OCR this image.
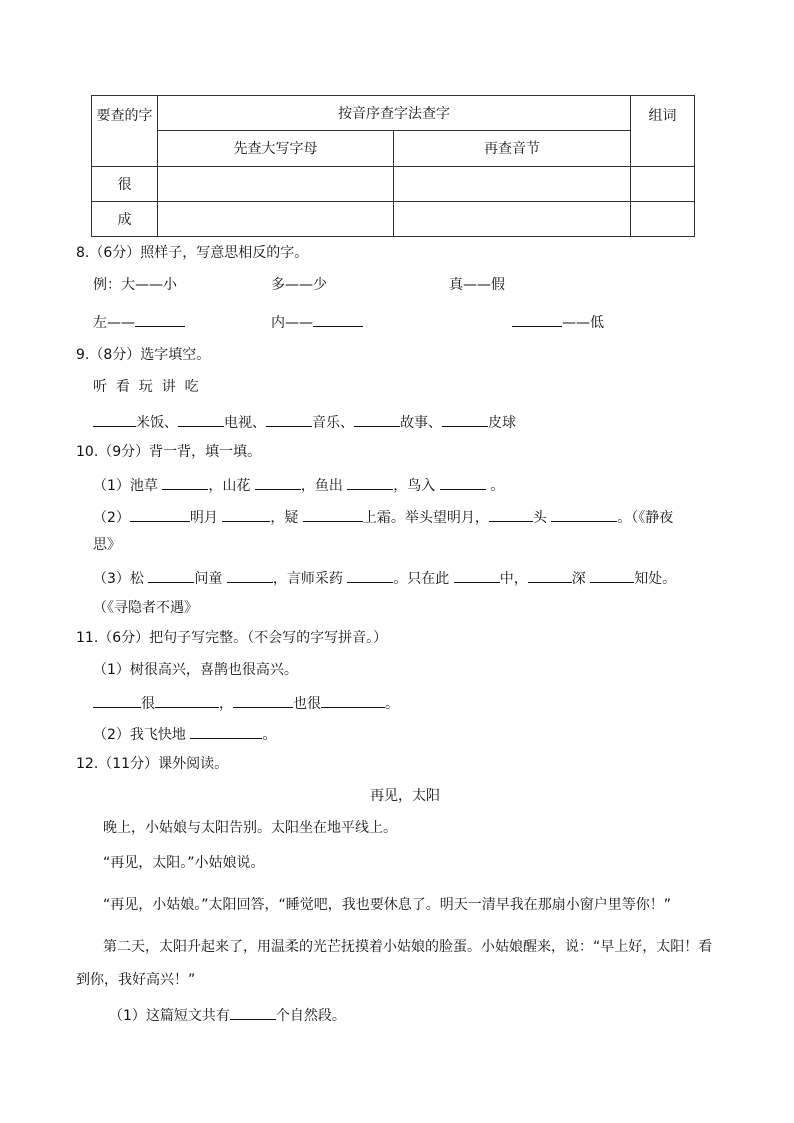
要查的字	按音序查字法查字		组词
	先查大写字母	再查音节	
很			
成			
8.（6分）照样子，写意思相反的字。
例：大——小	多——少	真——假
左——	内——	——低
9.（8分）选字填空。
听  看  玩  讲  吃
米饭、	电视、	音乐、	故事、	皮球
10.（9分）背一背，填一填。
（1）池草	，山花	，鱼出	，鸟入	。
（2）	明月	，疑	上霜。举头望明月，	头	。（《静夜
思》
（3）松	问童	，言师采药	。只在此	中，	深	知处。
（《寻隐者不遇》
11.（6分）把句子写完整。（不会写的字写拼音。）
（1）树很高兴，喜鹊也很高兴。
很	，	也很	。
（2）我飞快地	。
12.（11分）课外阅读。
再见，太阳
晚上，小姑娘与太阳告别。太阳坐在地平线上。
“再见，太阳。”小姑娘说。
“再见，小姑娘。”太阳回答，“睡觉吧，我也要休息了。明天一清早我在那扇小窗户里等你！”
第二天，太阳升起来了，用温柔的光芒抚摸着小姑娘的脸蛋。小姑娘醒来，说：“早上好，太阳！看
到你，我好高兴！”
（1）这篇短文共有	个自然段。
